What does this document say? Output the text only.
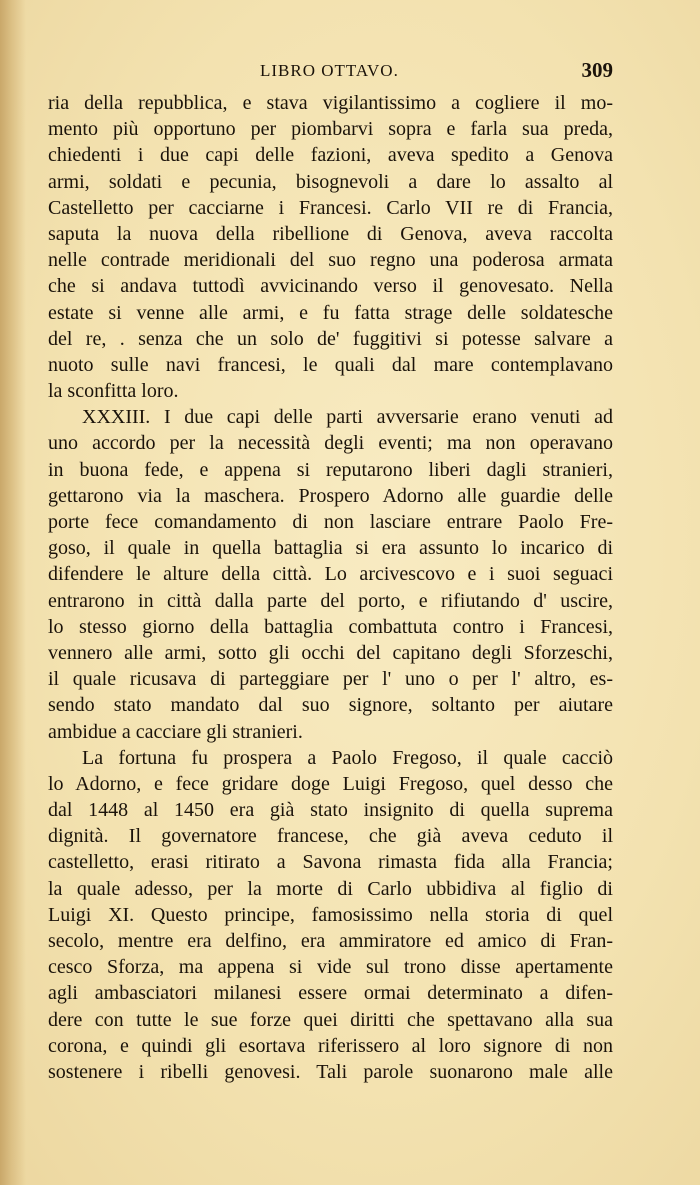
LIBRO OTTAVO.	309
ria della repubblica, e stava vigilantissimo a cogliere il mo-
mento più opportuno per piombarvi sopra e farla sua preda,
chiedenti i due capi delle fazioni, aveva spedito a Genova
armi, soldati e pecunia, bisognevoli a dare lo assalto al
Castelletto per cacciarne i Francesi. Carlo VII re di Francia,
saputa la nuova della ribellione di Genova, aveva raccolta
nelle contrade meridionali del suo regno una poderosa armata
che si andava tuttodì avvicinando verso il genovesato. Nella
estate si venne alle armi, e fu fatta strage delle soldatesche
del re, . senza che un solo de' fuggitivi si potesse salvare a
nuoto sulle navi francesi, le quali dal mare contemplavano
la sconfitta loro.
XXXIII. I due capi delle parti avversarie erano venuti ad
uno accordo per la necessità degli eventi; ma non operavano
in buona fede, e appena si reputarono liberi dagli stranieri,
gettarono via la maschera. Prospero Adorno alle guardie delle
porte fece comandamento di non lasciare entrare Paolo Fre-
goso, il quale in quella battaglia si era assunto lo incarico di
difendere le alture della città. Lo arcivescovo e i suoi seguaci
entrarono in città dalla parte del porto, e rifiutando d' uscire,
lo stesso giorno della battaglia combattuta contro i Francesi,
vennero alle armi, sotto gli occhi del capitano degli Sforzeschi,
il quale ricusava di parteggiare per l' uno o per l' altro, es-
sendo stato mandato dal suo signore, soltanto per aiutare
ambidue a cacciare gli stranieri.
La fortuna fu prospera a Paolo Fregoso, il quale cacciò
lo Adorno, e fece gridare doge Luigi Fregoso, quel desso che
dal 1448 al 1450 era già stato insignito di quella suprema
dignità. Il governatore francese, che già aveva ceduto il
castelletto, erasi ritirato a Savona rimasta fida alla Francia;
la quale adesso, per la morte di Carlo ubbidiva al figlio di
Luigi XI. Questo principe, famosissimo nella storia di quel
secolo, mentre era delfino, era ammiratore ed amico di Fran-
cesco Sforza, ma appena si vide sul trono disse apertamente
agli ambasciatori milanesi essere ormai determinato a difen-
dere con tutte le sue forze quei diritti che spettavano alla sua
corona, e quindi gli esortava riferissero al loro signore di non
sostenere i ribelli genovesi. Tali parole suonarono male alle
